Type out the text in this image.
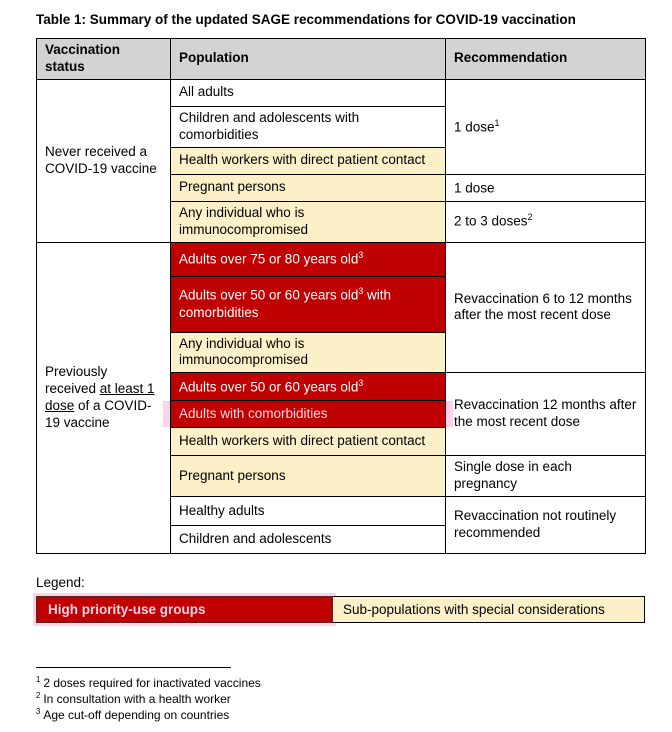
Table 1: Summary of the updated SAGE recommendations for COVID-19 vaccination
Vaccination status	Population	Recommendation
Never received a COVID-19 vaccine	All adults	1 dose$^1$
	Children and adolescents with comorbidities	
	Health workers with direct patient contact	
	Pregnant persons	1 dose
	Any individual who is immunocompromised	2 to 3 doses$^2$
Previously received at least 1 dose of a COVID-19 vaccine	Adults over 75 or 80 years old$^3$	Revaccination 6 to 12 months after the most recent dose
	Adults over 50 or 60 years old$^3$ with comorbidities	
	Any individual who is immunocompromised	
	Adults over 50 or 60 years old$^3$	Revaccination 12 months after the most recent dose
	Adults with comorbidities	
	Health workers with direct patient contact	
	Pregnant persons	Single dose in each pregnancy
	Healthy adults	Revaccination not routinely recommended
	Children and adolescents	
Legend:
High priority-use groups	Sub-populations with special considerations
$^1$ 2 doses required for inactivated vaccines
$^2$ In consultation with a health worker
$^3$ Age cut-off depending on countries
